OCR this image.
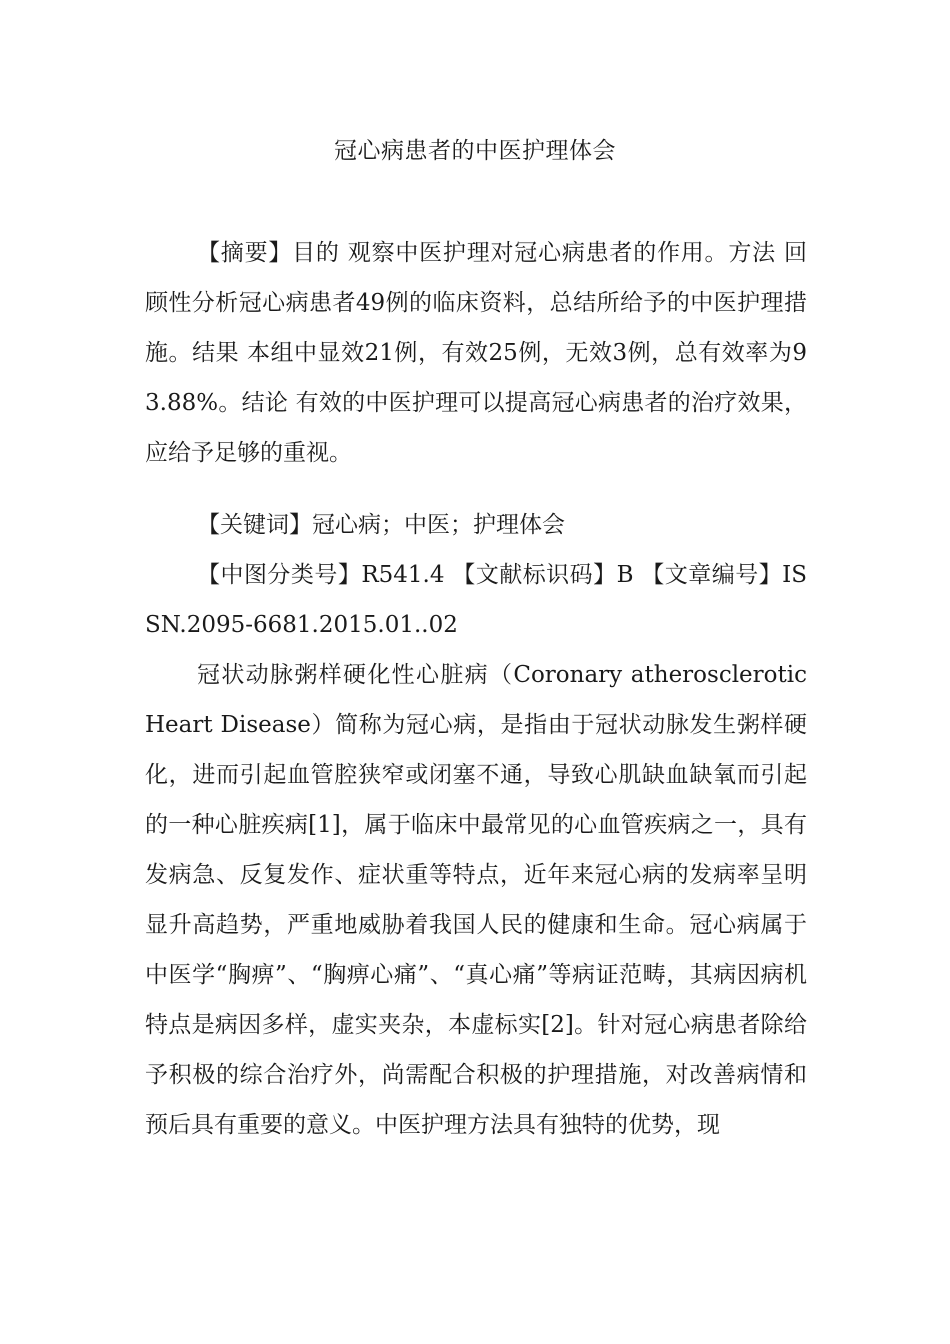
冠心病患者的中医护理体会

【摘要】目的 观察中医护理对冠心病患者的作用。方法 回顾性分析冠心病患者49例的临床资料，总结所给予的中医护理措施。结果 本组中显效21例，有效25例，无效3例，总有效率为93.88%。结论 有效的中医护理可以提高冠心病患者的治疗效果，应给予足够的重视。

【关键词】冠心病；中医；护理体会

【中图分类号】R541.4 【文献标识码】B 【文章编号】ISSN.2095-6681.2015.01..02

冠状动脉粥样硬化性心脏病（Coronary atherosclerotic Heart Disease）简称为冠心病，是指由于冠状动脉发生粥样硬化，进而引起血管腔狭窄或闭塞不通，导致心肌缺血缺氧而引起的一种心脏疾病[1]，属于临床中最常见的心血管疾病之一，具有发病急、反复发作、症状重等特点，近年来冠心病的发病率呈明显升高趋势，严重地威胁着我国人民的健康和生命。冠心病属于中医学“胸痹”、“胸痹心痛”、“真心痛”等病证范畴，其病因病机特点是病因多样，虚实夹杂，本虚标实[2]。针对冠心病患者除给予积极的综合治疗外，尚需配合积极的护理措施，对改善病情和预后具有重要的意义。中医护理方法具有独特的优势，现
